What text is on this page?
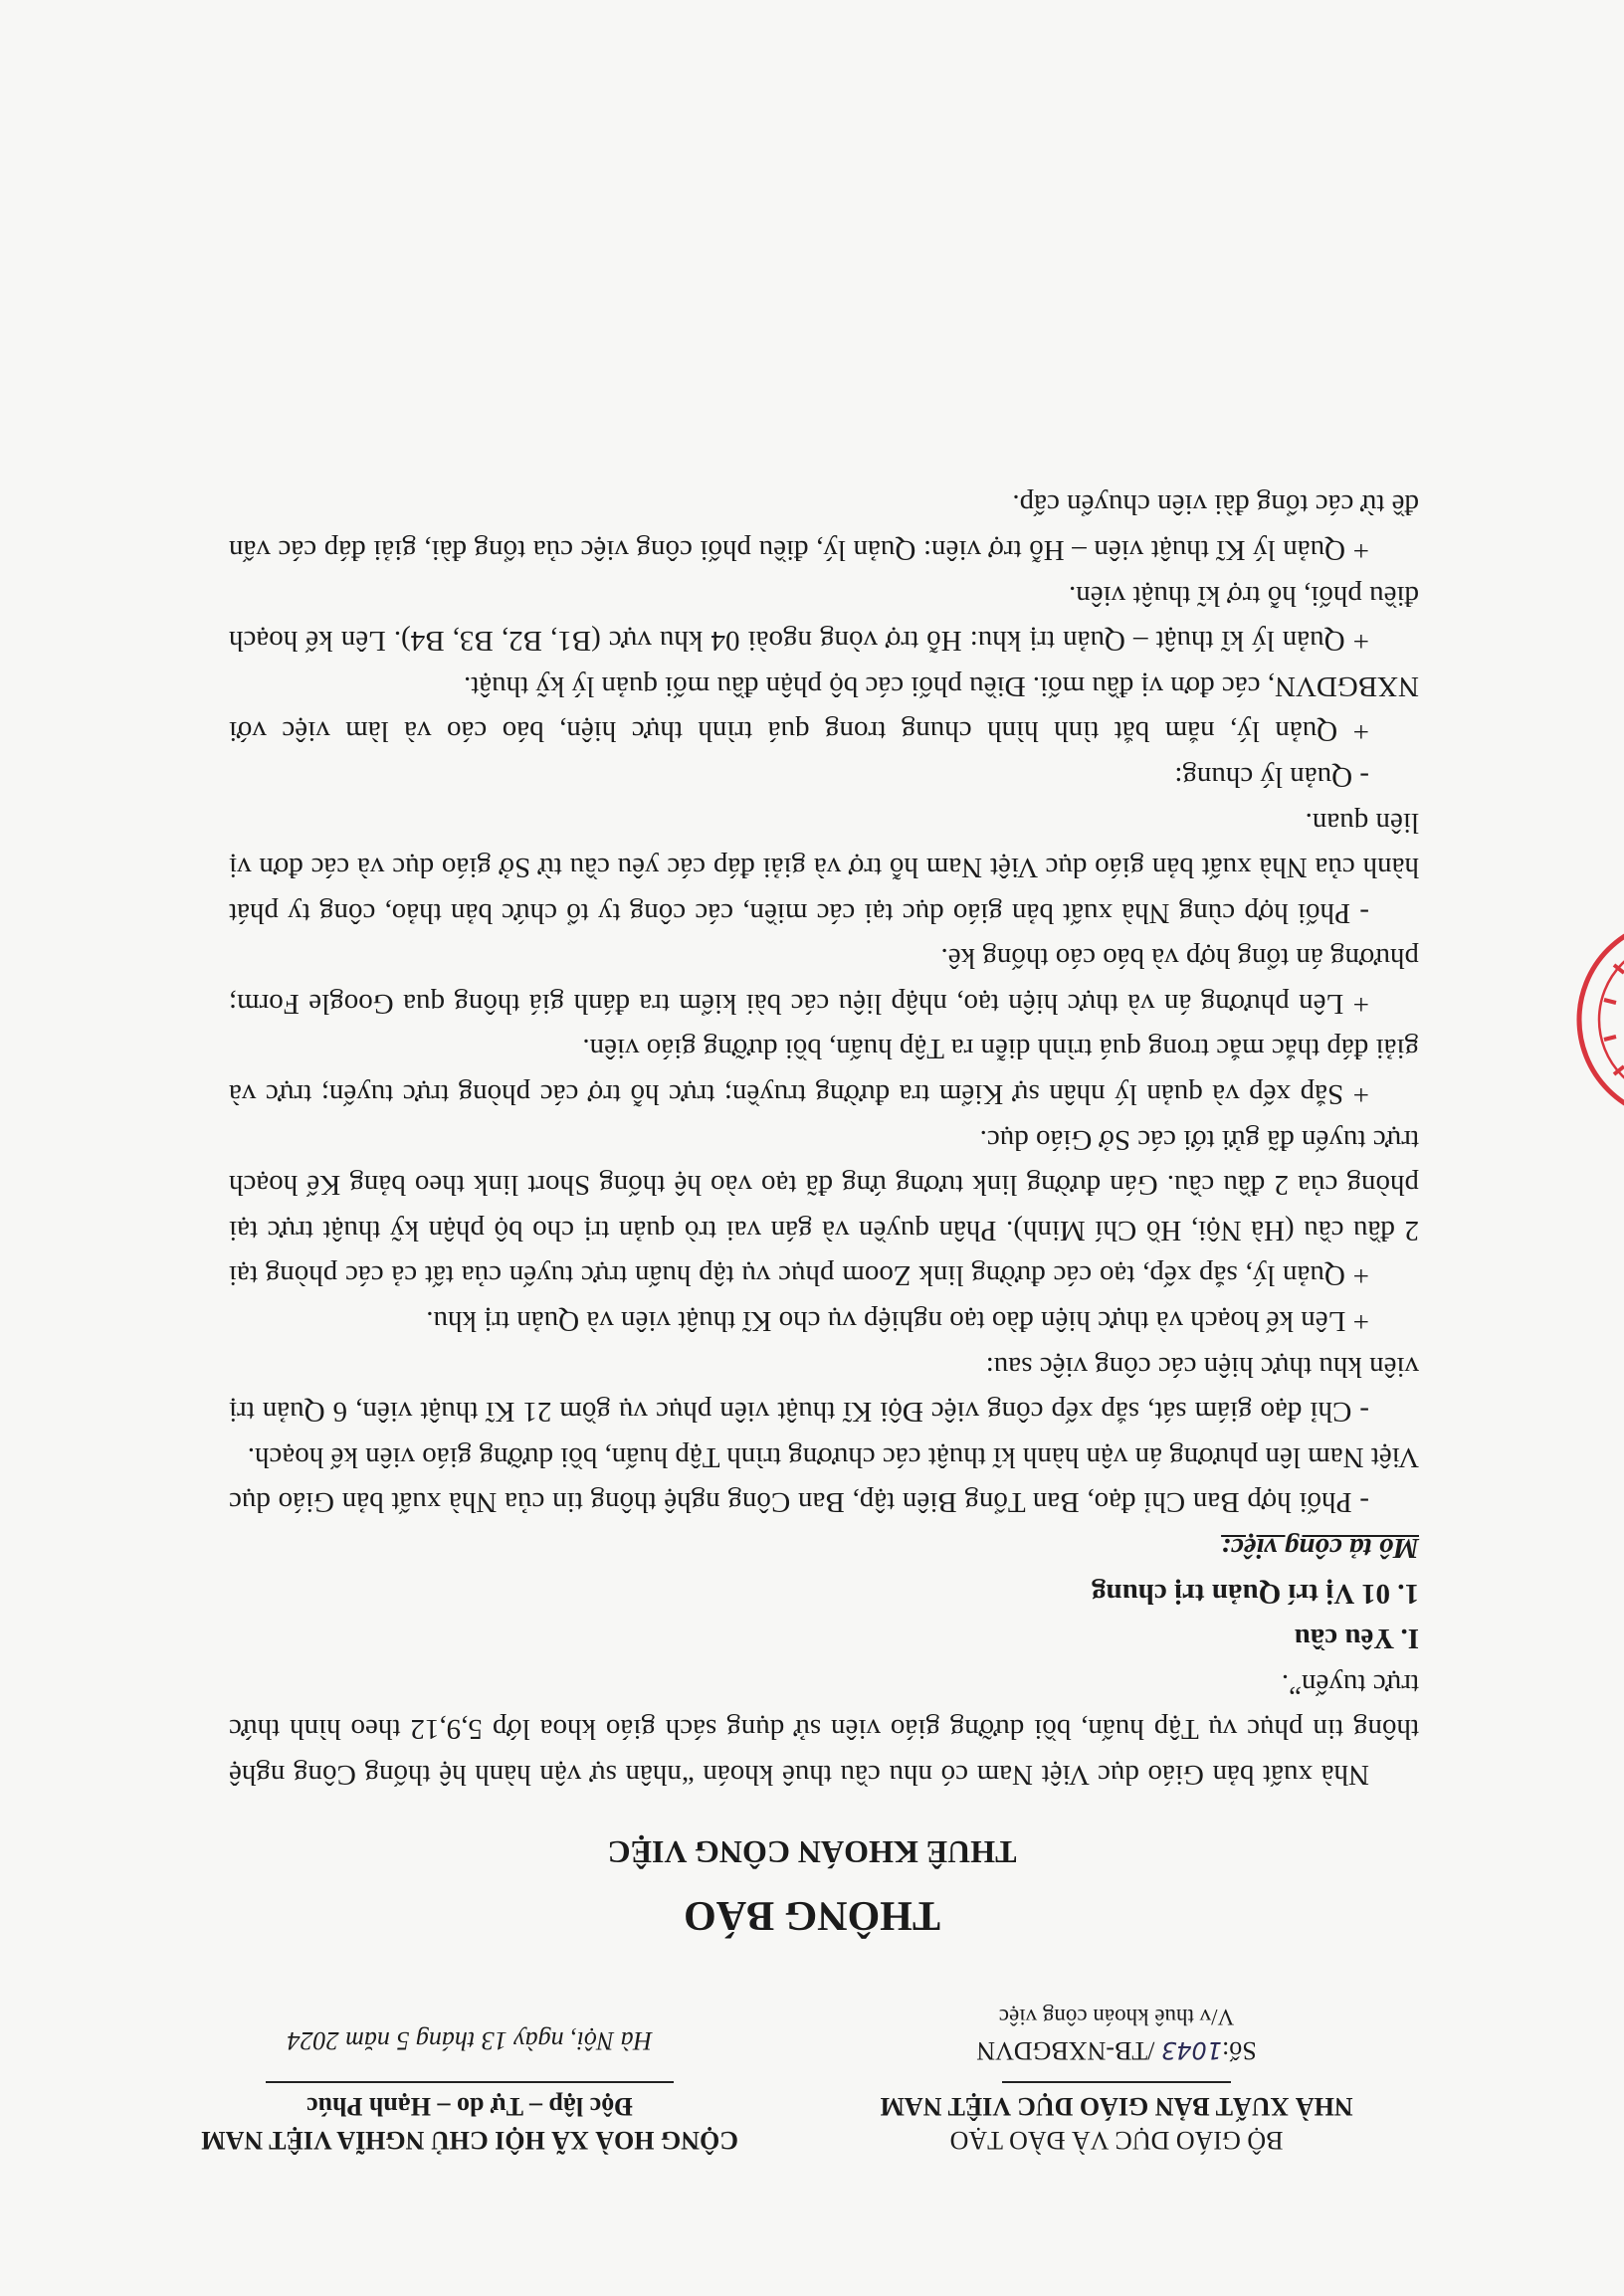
BỘ GIÁO DỤC VÀ ĐÀO TẠO
NHÀ XUẤT BẢN GIÁO DỤC VIỆT NAM
Số:1043 /TB-NXBGDVN
V/v thuê khoán công việc
CỘNG HOÀ XÃ HỘI CHỦ NGHĨA VIỆT NAM
Độc lập – Tự do – Hạnh Phúc
Hà Nội, ngày 13 tháng 5 năm 2024
THÔNG BÁO
THUÊ KHOÁN CÔNG VIỆC

Nhà xuất bản Giáo dục Việt Nam có nhu cầu thuê khoán “nhân sự vận hành hệ thống Công nghệ thông tin phục vụ Tập huấn, bồi dưỡng giáo viên sử dụng sách giáo khoa lớp 5,9,12 theo hình thức trực tuyến”.

I. Yêu cầu

1. 01 Vị trí Quản trị chung

Mô tả công việc:

- Phối hợp Ban Chỉ đạo, Ban Tổng Biên tập, Ban Công nghệ thông tin của Nhà xuất bản Giáo dục Việt Nam lên phương án vận hành kĩ thuật các chương trình Tập huấn, bồi dưỡng giáo viên kế hoạch.

- Chỉ đạo giám sát, sắp xếp công việc Đội Kĩ thuật viên phục vụ gồm 21 Kĩ thuật viên, 6 Quản trị viên khu thực hiện các công việc sau:

+ Lên kế hoạch và thực hiện đào tạo nghiệp vụ cho Kĩ thuật viên và Quản trị khu.

+ Quản lý, sắp xếp, tạo các đường link Zoom phục vụ tập huấn trực tuyến của tất cả các phòng tại 2 đầu cầu (Hà Nội, Hồ Chí Minh). Phân quyền và gán vai trò quản trị cho bộ phận kỹ thuật trực tại phòng của 2 đầu cầu. Gán đường link tương ứng đã tạo vào hệ thống Short link theo bảng Kế hoạch trực tuyến đã gửi tới các Sở Giáo dục.

+ Sắp xếp và quản lý nhân sự Kiểm tra đường truyền; trực hỗ trợ các phòng trực tuyến; trực và giải đáp thắc mắc trong quá trình diễn ra Tập huấn, bồi dưỡng giáo viên.

+ Lên phương án và thực hiện tạo, nhập liệu các bài kiểm tra đánh giá thông qua Google Form; phương án tổng hợp và báo cáo thống kê.

- Phối hợp cùng Nhà xuất bản giáo dục tại các miền, các công ty tổ chức bản thảo, công ty phát hành của Nhà xuất bản giáo dục Việt Nam hỗ trợ và giải đáp các yêu cầu từ Sở giáo dục và các đơn vị liên quan.

- Quản lý chung:

+ Quản lý, nắm bắt tình hình chung trong quá trình thực hiện, báo cáo và làm việc với NXBGDVN, các đơn vị đầu mối. Điều phối các bộ phận đầu mối quản lý kỹ thuật.

+ Quản lý kĩ thuật – Quản trị khu: Hỗ trợ vòng ngoài 04 khu vực (B1, B2, B3, B4). Lên kế hoạch điều phối, hỗ trợ kĩ thuật viên.

+ Quản lý Kĩ thuật viên – Hỗ trợ viên: Quản lý, điều phối công việc của tổng đài, giải đáp các vấn đề từ các tổng đài viên chuyển cấp.
